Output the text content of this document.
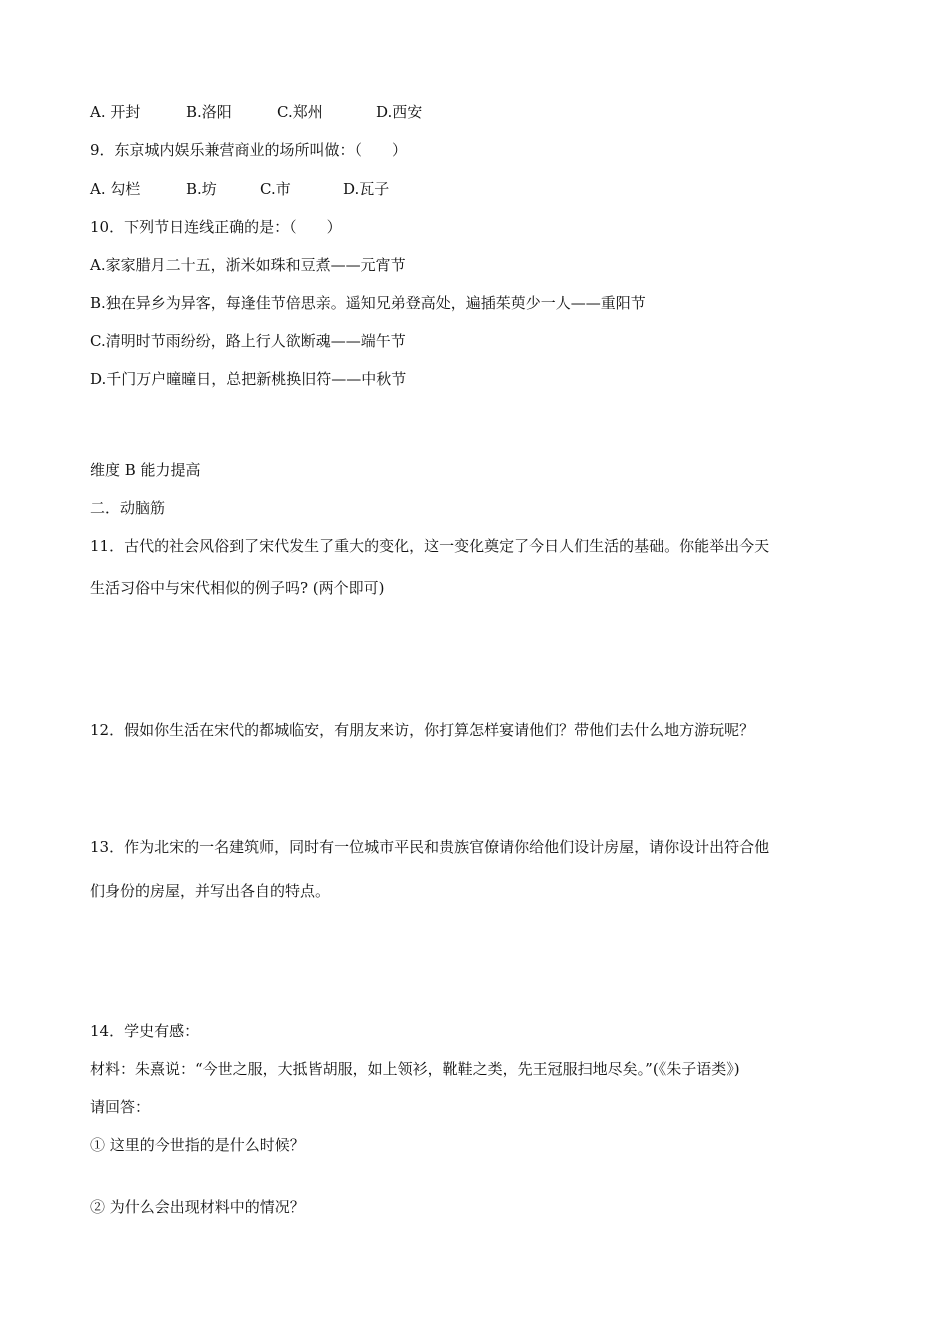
A. 开封	B.洛阳	C.郑州	D.西安
9．东京城内娱乐兼营商业的场所叫做：（　　）
A. 勾栏	B.坊	C.市	D.瓦子
10．下列节日连线正确的是：（　　）
A.家家腊月二十五，浙米如珠和豆煮——元宵节
B.独在异乡为异客，每逢佳节倍思亲。遥知兄弟登高处，遍插茱萸少一人——重阳节
C.清明时节雨纷纷，路上行人欲断魂——端午节
D.千门万户曈曈日，总把新桃换旧符——中秋节
维度 B 能力提高
二．动脑筋
11．古代的社会风俗到了宋代发生了重大的变化，这一变化奠定了今日人们生活的基础。你能举出今天
生活习俗中与宋代相似的例子吗? (两个即可)
12．假如你生活在宋代的都城临安，有朋友来访，你打算怎样宴请他们？带他们去什么地方游玩呢？
13．作为北宋的一名建筑师，同时有一位城市平民和贵族官僚请你给他们设计房屋，请你设计出符合他
们身份的房屋，并写出各自的特点。
14．学史有感：
材料：朱熹说：“今世之服，大抵皆胡服，如上领衫，靴鞋之类，先王冠服扫地尽矣。”(《朱子语类》)
请回答：
① 这里的今世指的是什么时候？
② 为什么会出现材料中的情况？
